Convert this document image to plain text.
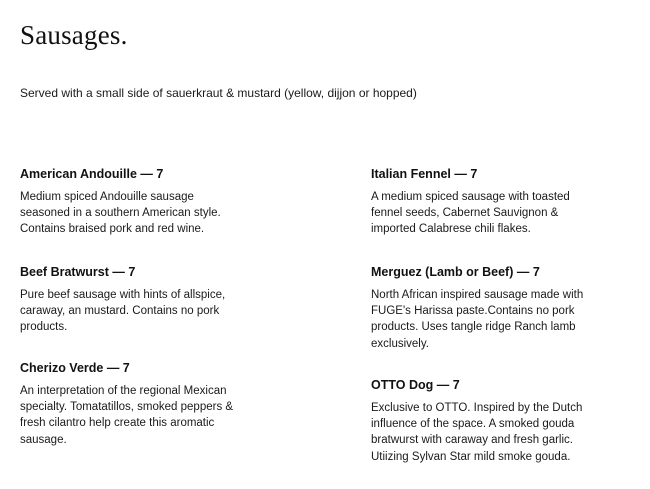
Sausages.

Served with a small side of sauerkraut & mustard (yellow, dijjon or hopped)

American Andouille — 7

Medium spiced Andouille sausage
seasoned in a southern American style.
Contains braised pork and red wine.

Beef Bratwurst — 7

Pure beef sausage with hints of allspice,
caraway, an mustard. Contains no pork
products.

Cherizo Verde — 7

An interpretation of the regional Mexican
specialty. Tomatatillos, smoked peppers &
fresh cilantro help create this aromatic
sausage.

Italian Fennel — 7

A medium spiced sausage with toasted
fennel seeds, Cabernet Sauvignon &
imported Calabrese chili flakes.

Merguez (Lamb or Beef) — 7

North African inspired sausage made with
FUGE's Harissa paste.Contains no pork
products. Uses tangle ridge Ranch lamb
exclusively.

OTTO Dog — 7

Exclusive to OTTO. Inspired by the Dutch
influence of the space. A smoked gouda
bratwurst with caraway and fresh garlic.
Utiizing Sylvan Star mild smoke gouda.
